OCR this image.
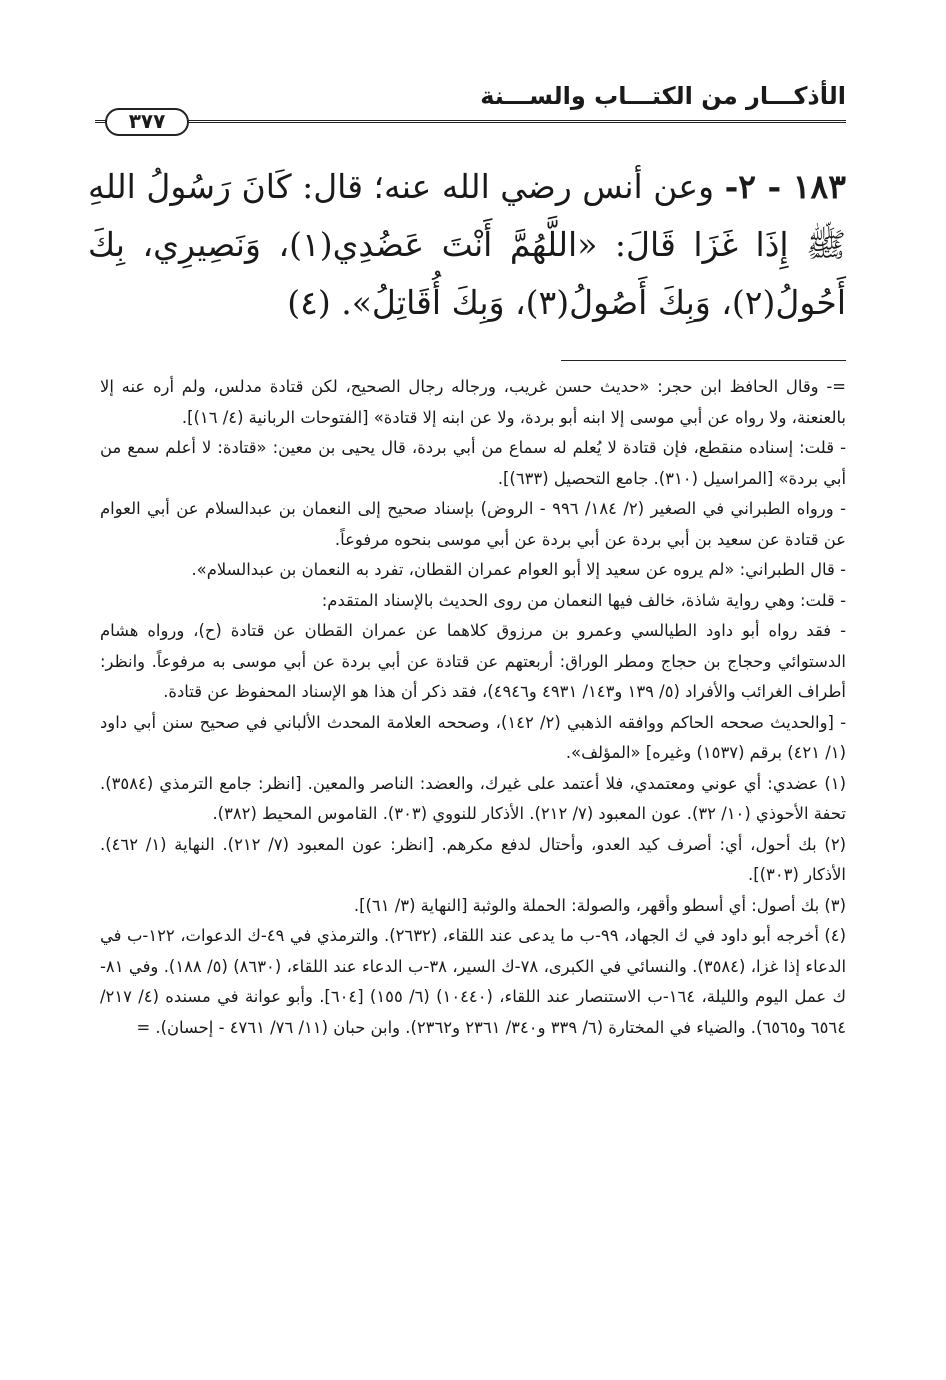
الأذكـــار من الكتـــاب والســـنة
٣٧٧
١٨٣ - ٢- وعن أنس رضي الله عنه؛ قال: كَانَ رَسُولُ اللهِ ﷺ إِذَا غَزَا قَالَ: «اللَّهُمَّ أَنْتَ عَضُدِي(١)، وَنَصِيرِي، بِكَ أَحُولُ(٢)، وَبِكَ أَصُولُ(٣)، وَبِكَ أُقَاتِلُ». (٤)

=- وقال الحافظ ابن حجر: «حديث حسن غريب، ورجاله رجال الصحيح، لكن قتادة مدلس، ولم أره عنه إلا بالعنعنة، ولا رواه عن أبي موسى إلا ابنه أبو بردة، ولا عن ابنه إلا قتادة» [الفتوحات الربانية (٤/ ١٦)].

- قلت: إسناده منقطع، فإن قتادة لا يُعلم له سماع من أبي بردة، قال يحيى بن معين: «قتادة: لا أعلم سمع من أبي بردة» [المراسيل (٣١٠). جامع التحصيل (٦٣٣)].

- ورواه الطبراني في الصغير (٢/ ١٨٤/ ٩٩٦ - الروض) بإسناد صحيح إلى النعمان بن عبدالسلام عن أبي العوام عن قتادة عن سعيد بن أبي بردة عن أبي بردة عن أبي موسى بنحوه مرفوعاً.

- قال الطبراني: «لم يروه عن سعيد إلا أبو العوام عمران القطان، تفرد به النعمان بن عبدالسلام».

- قلت: وهي رواية شاذة، خالف فيها النعمان من روى الحديث بالإسناد المتقدم:

- فقد رواه أبو داود الطيالسي وعمرو بن مرزوق كلاهما عن عمران القطان عن قتادة (ح)، ورواه هشام الدستوائي وحجاج بن حجاج ومطر الوراق: أربعتهم عن قتادة عن أبي بردة عن أبي موسى به مرفوعاً. وانظر: أطراف الغرائب والأفراد (٥/ ١٣٩ و١٤٣/ ٤٩٣١ و٤٩٤٦)، فقد ذكر أن هذا هو الإسناد المحفوظ عن قتادة.

- [والحديث صححه الحاكم ووافقه الذهبي (٢/ ١٤٢)، وصححه العلامة المحدث الألباني في صحيح سنن أبي داود (١/ ٤٢١) برقم (١٥٣٧) وغيره] «المؤلف».

(١) عضدي: أي عوني ومعتمدي، فلا أعتمد على غيرك، والعضد: الناصر والمعين. [انظر: جامع الترمذي (٣٥٨٤). تحفة الأحوذي (١٠/ ٣٢). عون المعبود (٧/ ٢١٢). الأذكار للنووي (٣٠٣). القاموس المحيط (٣٨٢).

(٢) بك أحول، أي: أصرف كيد العدو، وأحتال لدفع مكرهم. [انظر: عون المعبود (٧/ ٢١٢). النهاية (١/ ٤٦٢). الأذكار (٣٠٣)].

(٣) بك أصول: أي أسطو وأقهر، والصولة: الحملة والوثبة [النهاية (٣/ ٦١)].

(٤) أخرجه أبو داود في ك الجهاد، ٩٩-ب ما يدعى عند اللقاء، (٢٦٣٢). والترمذي في ٤٩-ك الدعوات، ١٢٢-ب في الدعاء إذا غزا، (٣٥٨٤). والنسائي في الكبرى، ٧٨-ك السير، ٣٨-ب الدعاء عند اللقاء، (٨٦٣٠) (٥/ ١٨٨). وفي ٨١-ك عمل اليوم والليلة، ١٦٤-ب الاستنصار عند اللقاء، (١٠٤٤٠) (٦/ ١٥٥) [٦٠٤]. وأبو عوانة في مسنده (٤/ ٢١٧/ ٦٥٦٤ و٦٥٦٥). والضياء في المختارة (٦/ ٣٣٩ و٣٤٠/ ٢٣٦١ و٢٣٦٢). وابن حبان (١١/ ٧٦/ ٤٧٦١ - إحسان). =
